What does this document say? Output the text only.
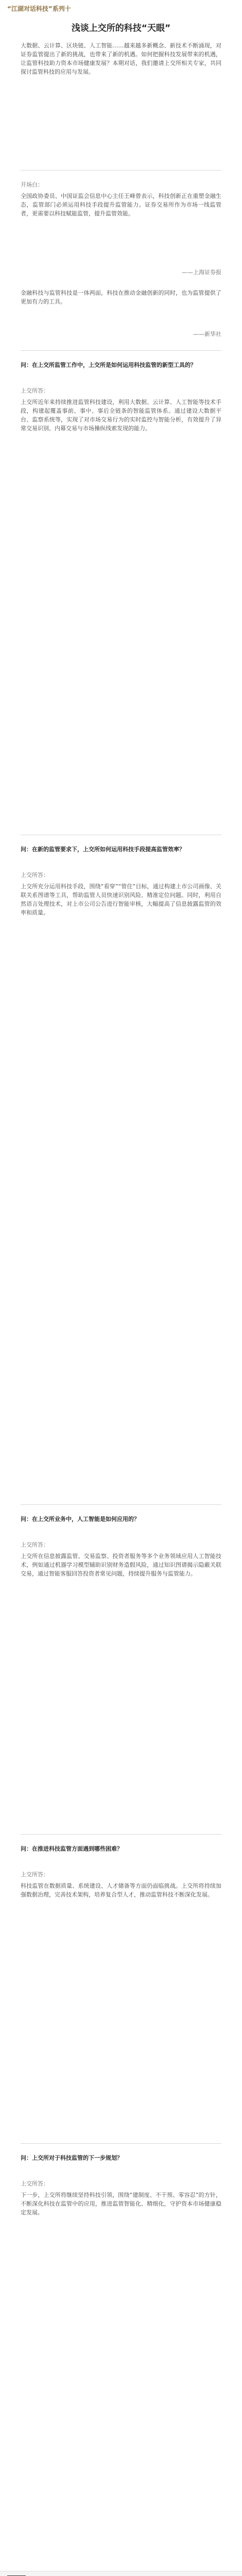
“江湖对话科技”系列十
浅谈上交所的科技“天眼”
大数据、云计算、区块链、人工智能……越来越多新概念、新技术不断涌现，对证券监管提出了新的挑战，也带来了新的机遇。如何把握科技发展带来的机遇，让监管科技助力资本市场健康发展？本期对话，我们邀请上交所相关专家，共同探讨监管科技的应用与发展。
开场白：
全国政协委员、中国证监会信息中心主任王峰曾表示，科技创新正在重塑金融生态，监管部门必须运用科技手段提升监管能力。证券交易所作为市场一线监管者，更需要以科技赋能监管，提升监管效能。
——上海证券报
金融科技与监管科技是一体两面，科技在推动金融创新的同时，也为监管提供了更加有力的工具。
——新华社
问：在上交所监管工作中，上交所是如何运用科技监管的新型工具的？
上交所答：
上交所近年来持续推进监管科技建设，利用大数据、云计算、人工智能等技术手段，构建起覆盖事前、事中、事后全链条的智能监管体系。通过建设大数据平台、监察系统等，实现了对市场交易行为的实时监控与智能分析，有效提升了异常交易识别、内幕交易与市场操纵线索发现的能力。
问：在新的监管要求下，上交所如何运用科技手段提高监管效率？
上交所答：
上交所充分运用科技手段，围绕“看穿”“管住”目标，通过构建上市公司画像、关联关系图谱等工具，帮助监管人员快速识别风险、精准定位问题。同时，利用自然语言处理技术，对上市公司公告进行智能审核，大幅提高了信息披露监管的效率和质量。
问：在上交所业务中，人工智能是如何应用的？
上交所答：
上交所在信息披露监管、交易监察、投资者服务等多个业务领域应用人工智能技术，例如通过机器学习模型辅助识别财务造假风险，通过知识图谱揭示隐蔽关联交易，通过智能客服回答投资者常见问题，持续提升服务与监管能力。
问：在推进科技监管方面遇到哪些困难？
上交所答：
科技监管在数据质量、系统建设、人才储备等方面仍面临挑战。上交所将持续加强数据治理，完善技术架构，培养复合型人才，推动监管科技不断深化发展。
问：上交所对于科技监管的下一步规划？
上交所答：
下一步，上交所将继续坚持科技引领，围绕“建制度、不干预、零容忍”的方针，不断深化科技在监管中的应用，推进监管智能化、精细化，守护资本市场健康稳定发展。
